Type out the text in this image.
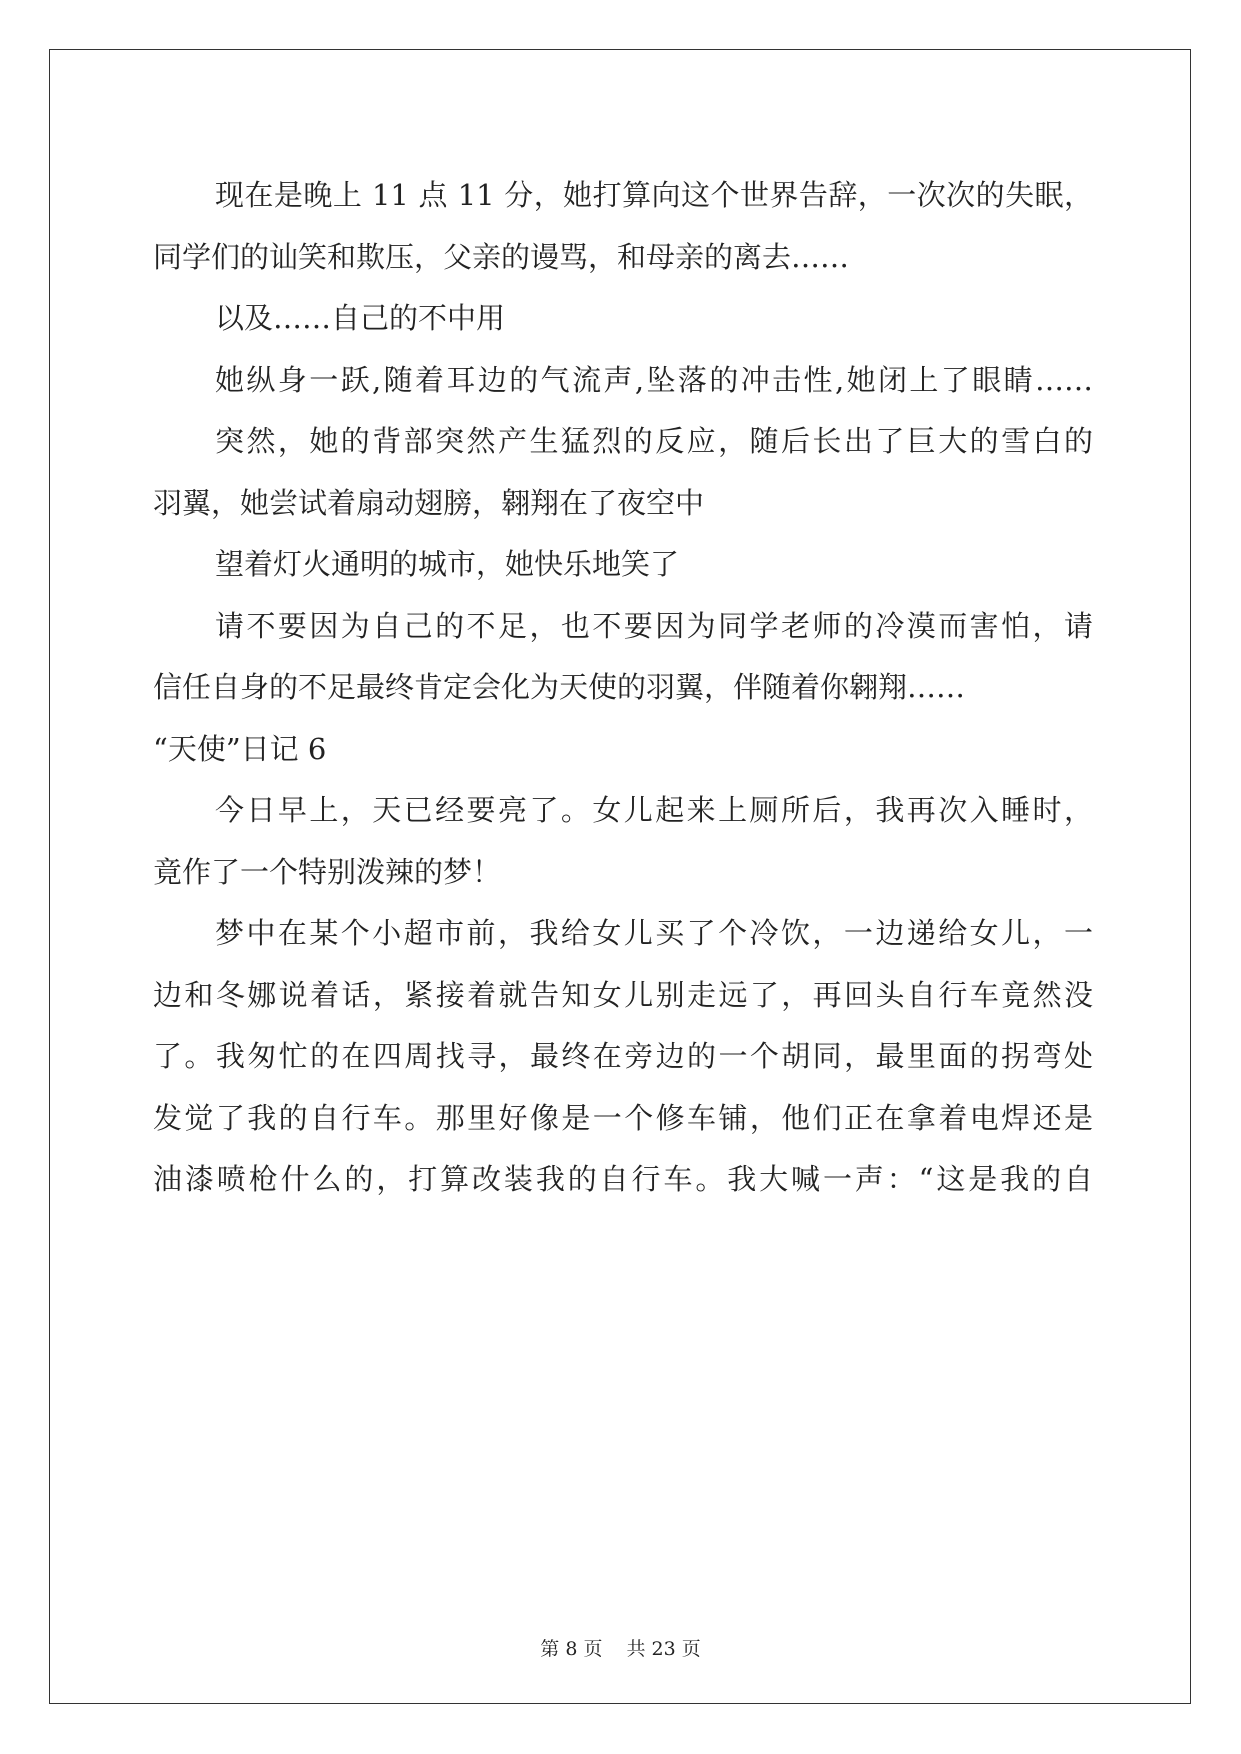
现在是晚上 11 点 11 分，她打算向这个世界告辞，一次次的失眠，
同学们的讪笑和欺压，父亲的谩骂，和母亲的离去……
以及……自己的不中用
她纵身一跃,随着耳边的气流声,坠落的冲击性,她闭上了眼睛……
突然，她的背部突然产生猛烈的反应，随后长出了巨大的雪白的
羽翼，她尝试着扇动翅膀，翱翔在了夜空中
望着灯火通明的城市，她快乐地笑了
请不要因为自己的不足，也不要因为同学老师的冷漠而害怕，请
信任自身的不足最终肯定会化为天使的羽翼，伴随着你翱翔……
“天使”日记 6
今日早上，天已经要亮了。女儿起来上厕所后，我再次入睡时，
竟作了一个特别泼辣的梦！
梦中在某个小超市前，我给女儿买了个冷饮，一边递给女儿，一
边和冬娜说着话，紧接着就告知女儿别走远了，再回头自行车竟然没
了。我匆忙的在四周找寻，最终在旁边的一个胡同，最里面的拐弯处
发觉了我的自行车。那里好像是一个修车铺，他们正在拿着电焊还是
油漆喷枪什么的，打算改装我的自行车。我大喊一声：“这是我的自
第 8 页 共 23 页
